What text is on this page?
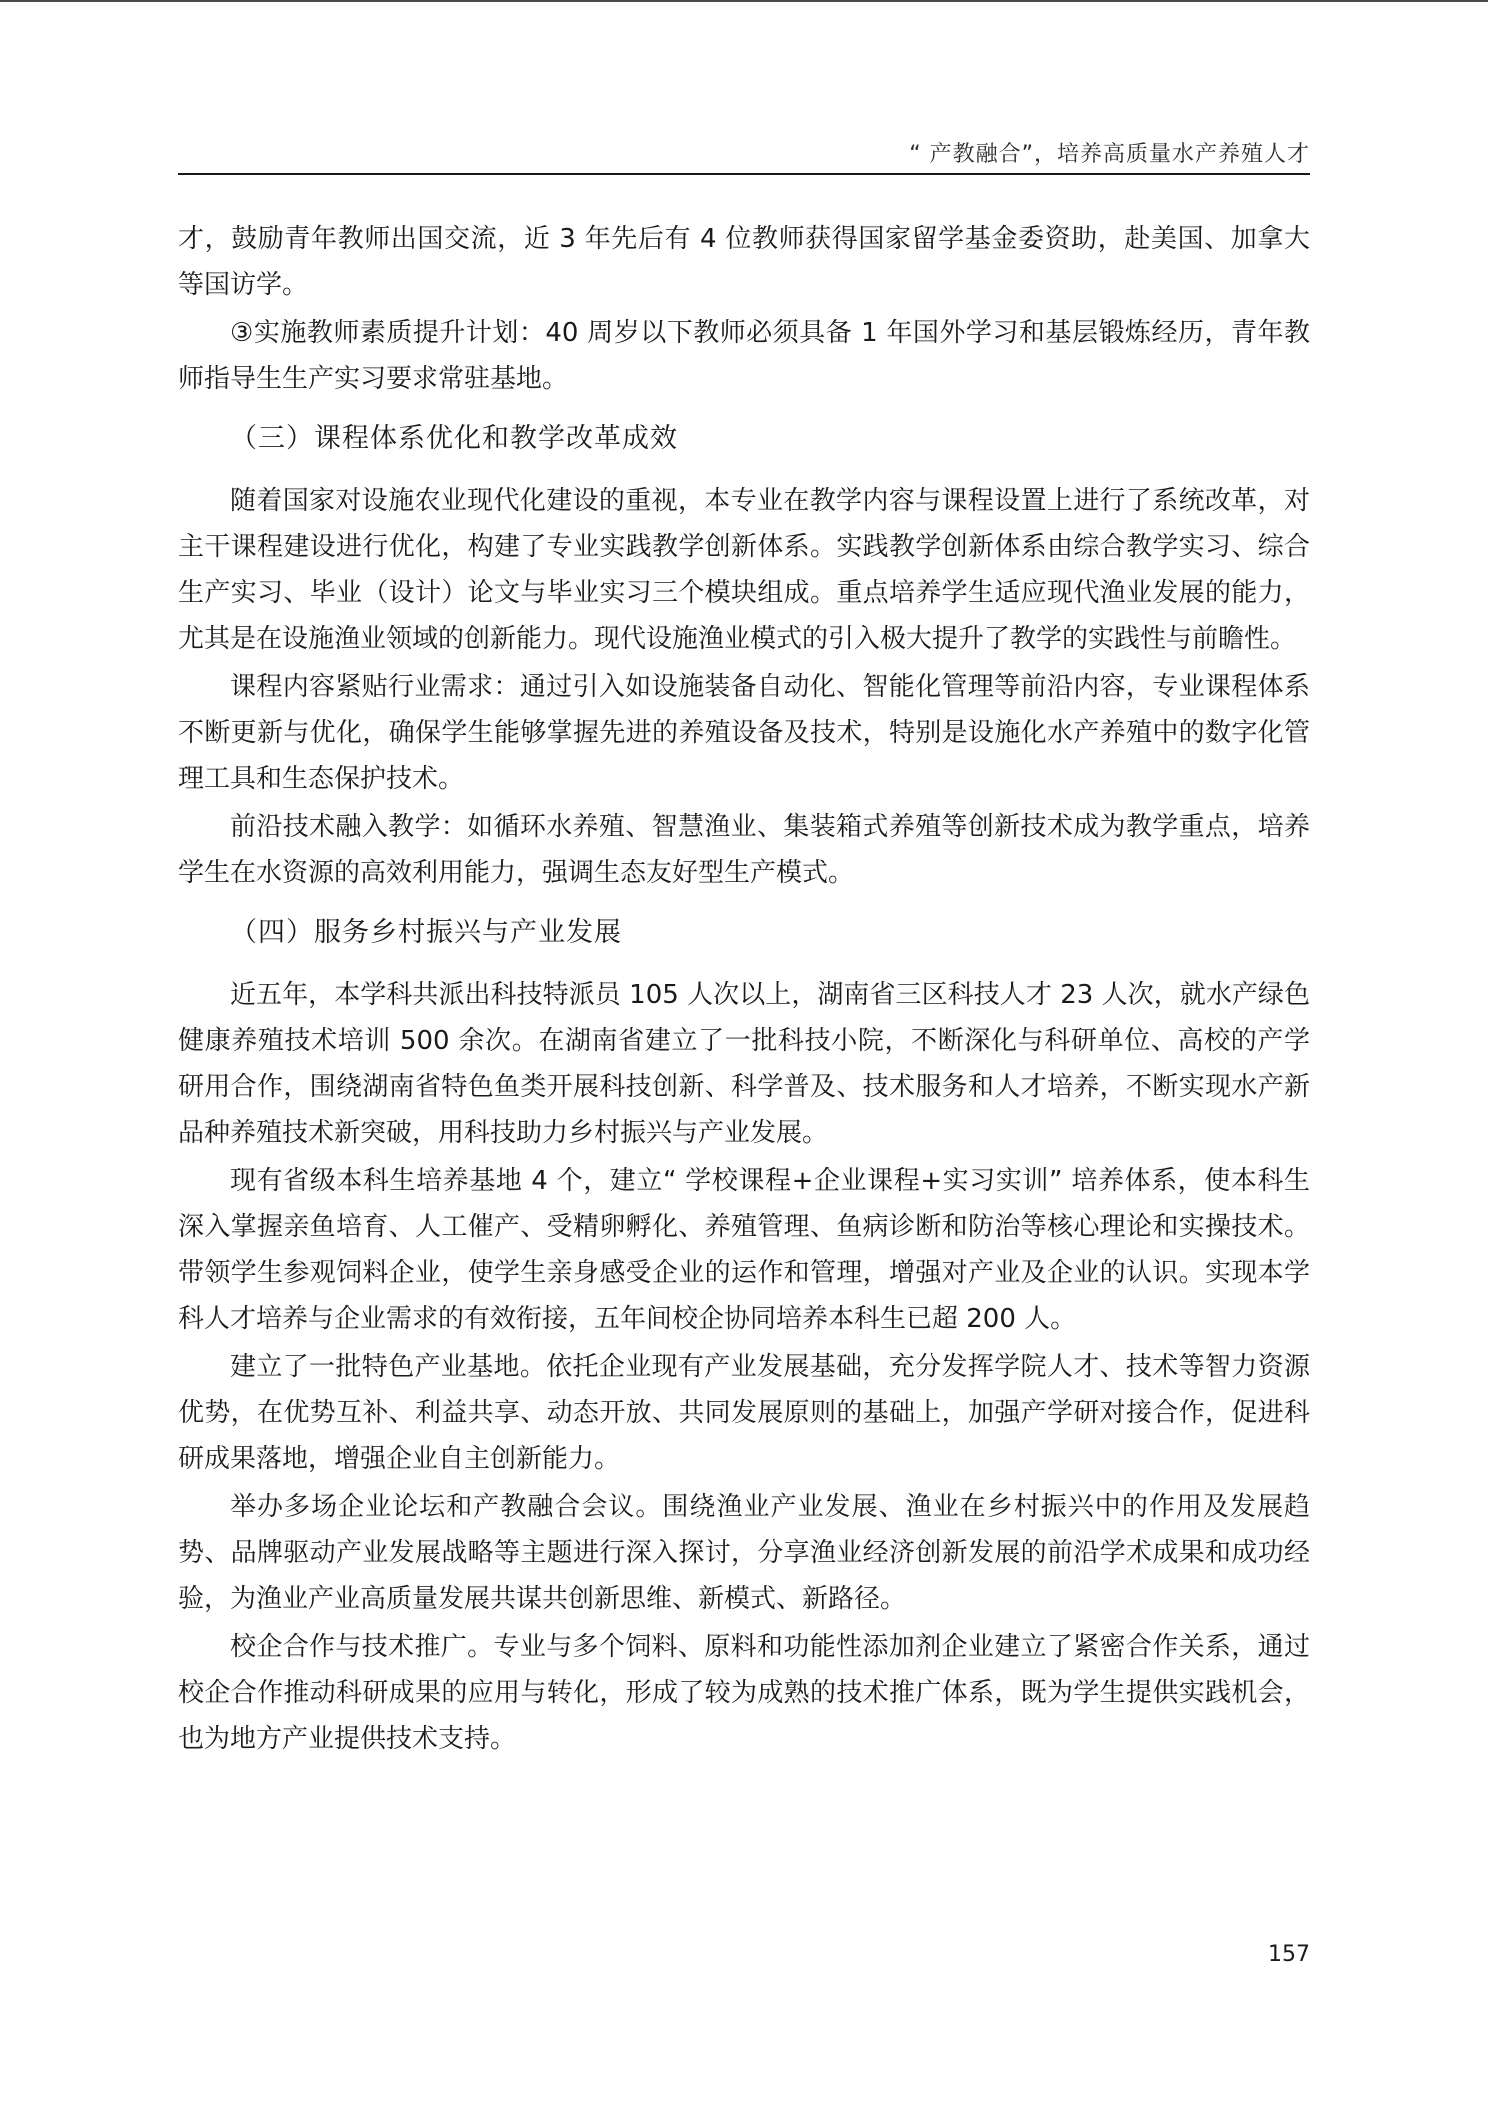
“ 产教融合”，培养高质量水产养殖人才

才，鼓励青年教师出国交流，近 3 年先后有 4 位教师获得国家留学基金委资助，赴美国、加拿大等国访学。

③实施教师素质提升计划：40 周岁以下教师必须具备 1 年国外学习和基层锻炼经历，青年教师指导生生产实习要求常驻基地。

（三）课程体系优化和教学改革成效

随着国家对设施农业现代化建设的重视，本专业在教学内容与课程设置上进行了系统改革，对主干课程建设进行优化，构建了专业实践教学创新体系。实践教学创新体系由综合教学实习、综合生产实习、毕业（设计）论文与毕业实习三个模块组成。重点培养学生适应现代渔业发展的能力，尤其是在设施渔业领域的创新能力。现代设施渔业模式的引入极大提升了教学的实践性与前瞻性。

课程内容紧贴行业需求：通过引入如设施装备自动化、智能化管理等前沿内容，专业课程体系不断更新与优化，确保学生能够掌握先进的养殖设备及技术，特别是设施化水产养殖中的数字化管理工具和生态保护技术。

前沿技术融入教学：如循环水养殖、智慧渔业、集装箱式养殖等创新技术成为教学重点，培养学生在水资源的高效利用能力，强调生态友好型生产模式。

（四）服务乡村振兴与产业发展

近五年，本学科共派出科技特派员 105 人次以上，湖南省三区科技人才 23 人次，就水产绿色健康养殖技术培训 500 余次。在湖南省建立了一批科技小院，不断深化与科研单位、高校的产学研用合作，围绕湖南省特色鱼类开展科技创新、科学普及、技术服务和人才培养，不断实现水产新品种养殖技术新突破，用科技助力乡村振兴与产业发展。

现有省级本科生培养基地 4 个，建立“ 学校课程+企业课程+实习实训” 培养体系，使本科生深入掌握亲鱼培育、人工催产、受精卵孵化、养殖管理、鱼病诊断和防治等核心理论和实操技术。带领学生参观饲料企业，使学生亲身感受企业的运作和管理，增强对产业及企业的认识。实现本学科人才培养与企业需求的有效衔接，五年间校企协同培养本科生已超 200 人。

建立了一批特色产业基地。依托企业现有产业发展基础，充分发挥学院人才、技术等智力资源优势，在优势互补、利益共享、动态开放、共同发展原则的基础上，加强产学研对接合作，促进科研成果落地，增强企业自主创新能力。

举办多场企业论坛和产教融合会议。围绕渔业产业发展、渔业在乡村振兴中的作用及发展趋势、品牌驱动产业发展战略等主题进行深入探讨，分享渔业经济创新发展的前沿学术成果和成功经验，为渔业产业高质量发展共谋共创新思维、新模式、新路径。

校企合作与技术推广。专业与多个饲料、原料和功能性添加剂企业建立了紧密合作关系，通过校企合作推动科研成果的应用与转化，形成了较为成熟的技术推广体系，既为学生提供实践机会，也为地方产业提供技术支持。

157
